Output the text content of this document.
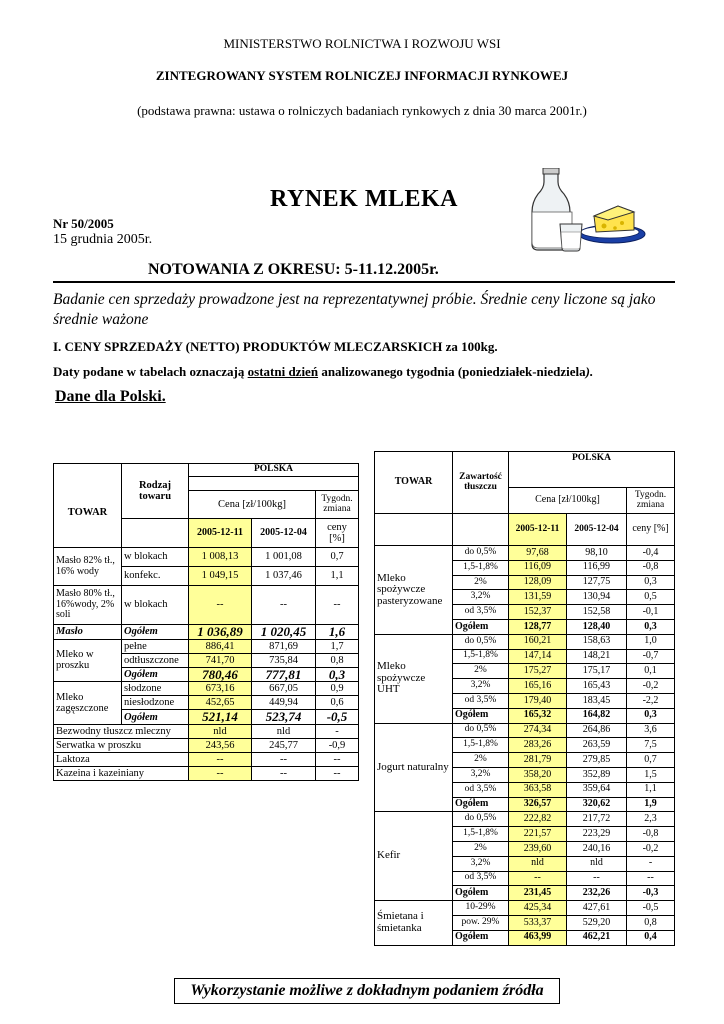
MINISTERSTWO ROLNICTWA I ROZWOJU WSI
ZINTEGROWANY SYSTEM ROLNICZEJ INFORMACJI RYNKOWEJ
(podstawa prawna: ustawa o rolniczych badaniach rynkowych z dnia 30 marca 2001r.)
RYNEK MLEKA
Nr 50/2005
15 grudnia 2005r.
NOTOWANIA Z OKRESU: 5-11.12.2005r.
Badanie cen sprzedaży prowadzone jest na reprezentatywnej próbie. Średnie ceny liczone są jako średnie ważone
I. CENY SPRZEDAŻY (NETTO) PRODUKTÓW MLECZARSKICH za 100kg.
Daty podane w tabelach oznaczają ostatni dzień analizowanego tygodnia (poniedziałek-niedziela).
Dane dla Polski.
TOWAR	Rodzaj towaru	POLSKA		

		Cena [zł/100kg]		Tygodn. zmiana
		2005-12-11	2005-12-04	ceny [%]
Masło 82% tł., 16% wody	w blokach	1 008,13	1 001,08	0,7
	konfekc.	1 049,15	1 037,46	1,1
Masło 80% tł., 16%wody, 2% soli	w blokach	--	--	--
Masło	Ogółem	1 036,89	1 020,45	1,6
Mleko w proszku	pełne	886,41	871,69	1,7
	odtłuszczone	741,70	735,84	0,8
	Ogółem	780,46	777,81	0,3
Mleko zagęszczone	słodzone	673,16	667,05	0,9
	niesłodzone	452,65	449,94	0,6
	Ogółem	521,14	523,74	-0,5
Bezwodny tłuszcz mleczny		nld	nld	-
Serwatka w proszku		243,56	245,77	-0,9
Laktoza		--	--	--
Kazeina i kazeiniany		--	--	--
TOWAR	Zawartość tłuszczu	POLSKA		
		Cena [zł/100kg]		Tygodn. zmiana
		2005-12-11	2005-12-04	ceny [%]
Mleko spożywcze pasteryzowane	do 0,5%	97,68	98,10	-0,4
	1,5-1,8%	116,09	116,99	-0,8
	2%	128,09	127,75	0,3
	3,2%	131,59	130,94	0,5
	od 3,5%	152,37	152,58	-0,1
	Ogółem	128,77	128,40	0,3
Mleko spożywcze UHT	do 0,5%	160,21	158,63	1,0
	1,5-1,8%	147,14	148,21	-0,7
	2%	175,27	175,17	0,1
	3,2%	165,16	165,43	-0,2
	od 3,5%	179,40	183,45	-2,2
	Ogółem	165,32	164,82	0,3
Jogurt naturalny	do 0,5%	274,34	264,86	3,6
	1,5-1,8%	283,26	263,59	7,5
	2%	281,79	279,85	0,7
	3,2%	358,20	352,89	1,5
	od 3,5%	363,58	359,64	1,1
	Ogółem	326,57	320,62	1,9
Kefir	do 0,5%	222,82	217,72	2,3
	1,5-1,8%	221,57	223,29	-0,8
	2%	239,60	240,16	-0,2
	3,2%	nld	nld	-
	od 3,5%	--	--	--
	Ogółem	231,45	232,26	-0,3
Śmietana i śmietanka	10-29%	425,34	427,61	-0,5
	pow. 29%	533,37	529,20	0,8
	Ogółem	463,99	462,21	0,4
Wykorzystanie możliwe z dokładnym podaniem źródła
